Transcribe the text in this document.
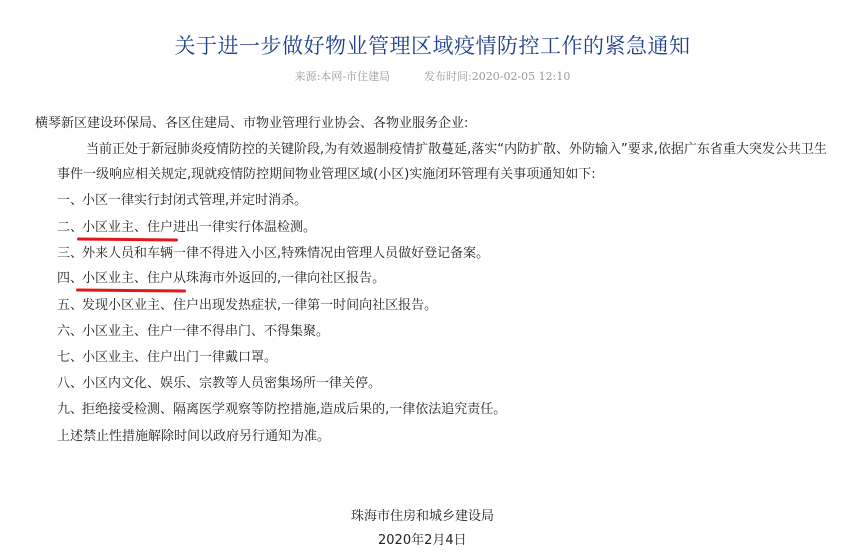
关于进一步做好物业管理区域疫情防控工作的紧急通知
来源:本网-市住建局	发布时间:2020-02-05 12:10
横琴新区建设环保局、各区住建局、市物业管理行业协会、各物业服务企业:
当前正处于新冠肺炎疫情防控的关键阶段,为有效遏制疫情扩散蔓延,落实“内防扩散、外防输入”要求,依据广东省重大突发公共卫生
事件一级响应相关规定,现就疫情防控期间物业管理区域(小区)实施闭环管理有关事项通知如下:
一、小区一律实行封闭式管理,并定时消杀。
二、小区业主、住户进出一律实行体温检测。
三、外来人员和车辆一律不得进入小区,特殊情况由管理人员做好登记备案。
四、小区业主、住户从珠海市外返回的,一律向社区报告。
五、发现小区业主、住户出现发热症状,一律第一时间向社区报告。
六、小区业主、住户一律不得串门、不得集聚。
七、小区业主、住户出门一律戴口罩。
八、小区内文化、娱乐、宗教等人员密集场所一律关停。
九、拒绝接受检测、隔离医学观察等防控措施,造成后果的,一律依法追究责任。
上述禁止性措施解除时间以政府另行通知为准。
珠海市住房和城乡建设局
2020年2月4日
